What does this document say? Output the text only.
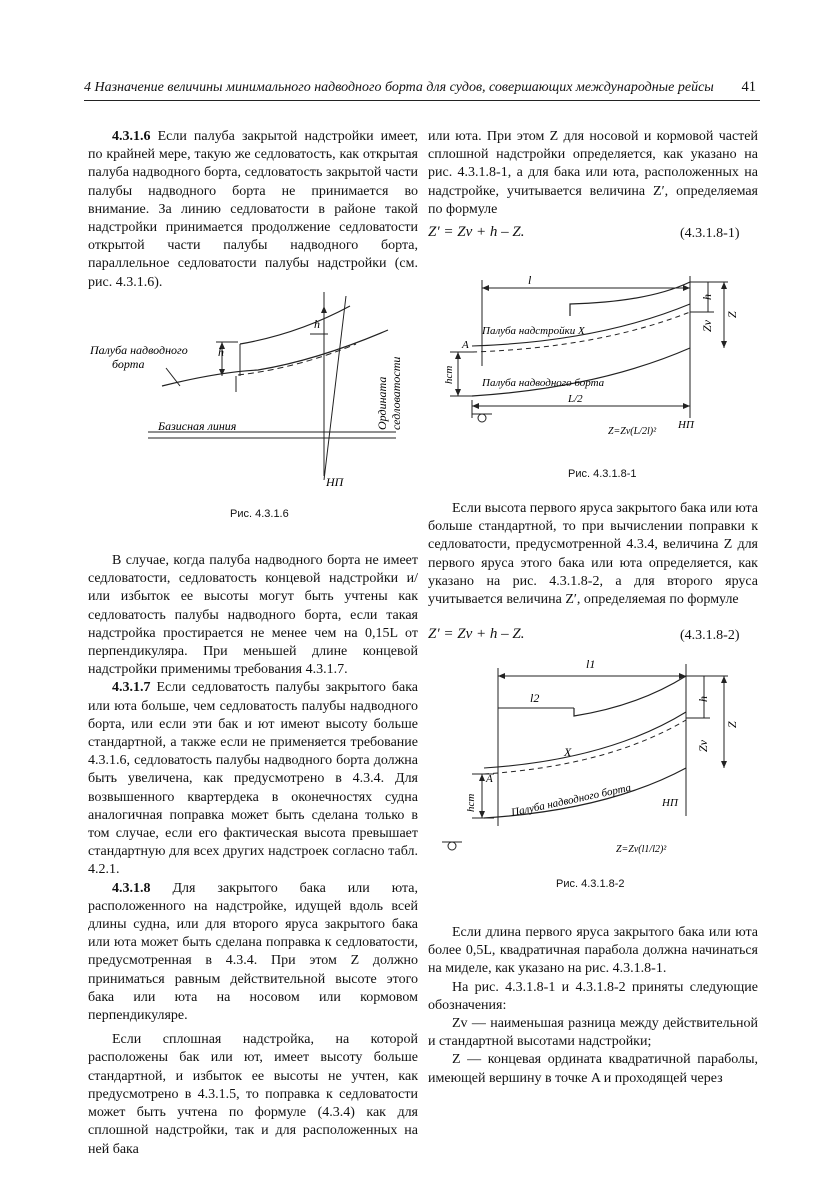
4 Назначение величины минимального надводного борта для судов, совершающих международные рейсы 41

4.3.1.6 Если палуба закрытой надстройки имеет, по крайней мере, такую же седловатость, как открытая палуба надводного борта, седловатость закрытой части палубы надводного борта не принимается во внимание. За линию седловатости в районе такой надстройки принимается продолжение седловатости открытой части палубы надводного борта, параллельное седловатости палубы надстройки (см. рис. 4.3.1.6).

Палуба надводного
борта
h
h
Базисная линия
НП
Ордината седловатости
Рис. 4.3.1.6

В случае, когда палуба надводного борта не имеет седловатости, седловатость концевой надстройки и/или избыток ее высоты могут быть учтены как седловатость палубы надводного борта, если такая надстройка простирается не менее чем на 0,15L от перпендикуляра. При меньшей длине концевой надстройки применимы требования 4.3.1.7.

4.3.1.7 Если седловатость палубы закрытого бака или юта больше, чем седловатость палубы надводного борта, или если эти бак и ют имеют высоту больше стандартной, а также если не применяется требование 4.3.1.6, седловатость палубы надводного борта должна быть увеличена, как предусмотрено в 4.3.4. Для возвышенного квартердека в оконечностях судна аналогичная поправка может быть сделана только в том случае, если его фактическая высота превышает стандартную для всех других надстроек согласно табл. 4.2.1.

4.3.1.8 Для закрытого бака или юта, расположенного на надстройке, идущей вдоль всей длины судна, или для второго яруса закрытого бака или юта может быть сделана поправка к седловатости, предусмотренная в 4.3.4. При этом Z должно приниматься равным действительной высоте этого бака или юта на носовом или кормовом перпендикуляре.

Если сплошная надстройка, на которой расположены бак или ют, имеет высоту больше стандартной, и избыток ее высоты не учтен, как предусмотрено в 4.3.1.5, то поправка к седловатости может быть учтена по формуле (4.3.4) как для сплошной надстройки, так и для расположенных на ней бака

или юта. При этом Z для носовой и кормовой частей сплошной надстройки определяется, как указано на рис. 4.3.1.8-1, а для бака или юта, расположенных на надстройке, учитывается величина Z′, определяемая по формуле

Z′ = Zv + h – Z.	(4.3.1.8-1)
l
h
Z
Zv
Палуба надстройки X
A
hст Палуба надводного борта
L/2
НП
Z=Zv(L/2l)²
Рис. 4.3.1.8-1

Если высота первого яруса закрытого бака или юта больше стандартной, то при вычислении поправки к седловатости, предусмотренной 4.3.4, величина Z для первого яруса этого бака или юта определяется, как указано на рис. 4.3.1.8-2, а для второго яруса учитывается величина Z′, определяемая по формуле

Z′ = Zv + h – Z.	(4.3.1.8-2)
l1
l2	h
Z
Zv
X
A
hст	Палуба надводного борта	НП
Z=Zv(l1/l2)²
Рис. 4.3.1.8-2

Если длина первого яруса закрытого бака или юта более 0,5L, квадратичная парабола должна начинаться на миделе, как указано на рис. 4.3.1.8-1.

На рис. 4.3.1.8-1 и 4.3.1.8-2 приняты следующие обозначения:

Zv — наименьшая разница между действительной и стандартной высотами надстройки;

Z — концевая ордината квадратичной параболы, имеющей вершину в точке A и проходящей через
